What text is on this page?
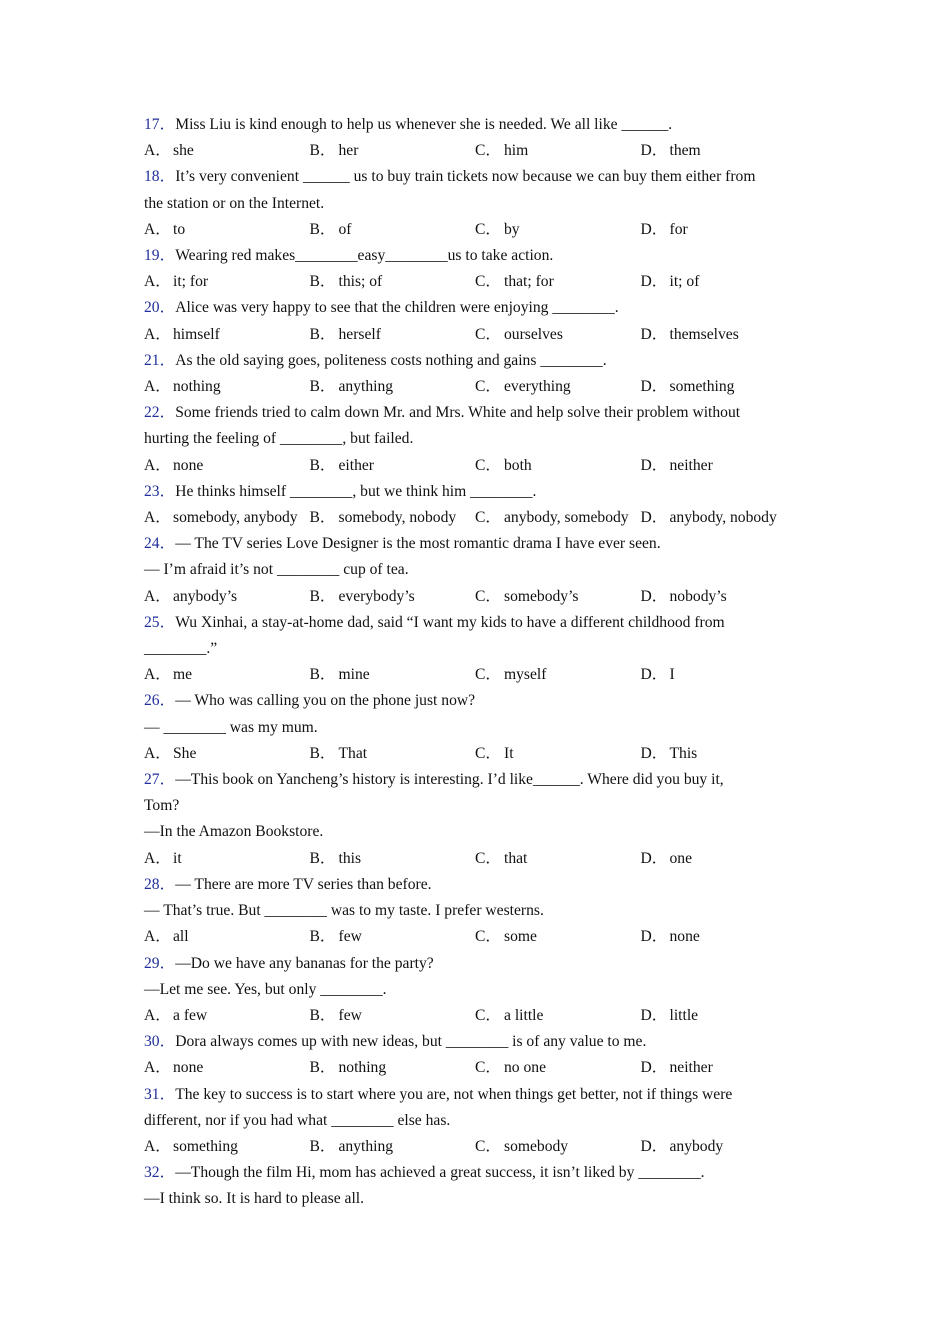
17．Miss Liu is kind enough to help us whenever she is needed. We all like ______.

A． she	B． her	C． him	D． them

18．It’s very convenient ______ us to buy train tickets now because we can buy them either from

the station or on the Internet.

A． to	B． of	C． by	D． for

19．Wearing red makes________easy________us to take action.

A． it; for	B． this; of	C． that; for	D． it; of

20．Alice was very happy to see that the children were enjoying ________.

A． himself	B． herself	C． ourselves	D． themselves

21．As the old saying goes, politeness costs nothing and gains ________.

A． nothing	B． anything	C． everything	D． something

22．Some friends tried to calm down Mr. and Mrs. White and help solve their problem without

hurting the feeling of ________, but failed.

A． none	B． either	C． both	D． neither

23．He thinks himself ________, but we think him ________.

A． somebody, anybody B． somebody, nobody	C． anybody, somebody D． anybody, nobody

24．— The TV series Love Designer is the most romantic drama I have ever seen.

— I’m afraid it’s not ________ cup of tea.

A． anybody’s	B． everybody’s	C． somebody’s	D． nobody’s

25．Wu Xinhai, a stay-at-home dad, said “I want my kids to have a different childhood from

________.”

A． me	B． mine	C． myself	D． I

26．— Who was calling you on the phone just now?

— ________ was my mum.

A． She	B． That	C． It	D． This

27．—This book on Yancheng’s history is interesting. I’d like______. Where did you buy it,

Tom?

—In the Amazon Bookstore.

A． it	B． this	C． that	D． one

28．— There are more TV series than before.

— That’s true. But ________ was to my taste. I prefer westerns.

A． all	B． few	C． some	D． none

29．—Do we have any bananas for the party?

—Let me see. Yes, but only ________.

A． a few	B． few	C． a little	D． little

30．Dora always comes up with new ideas, but ________ is of any value to me.

A． none	B． nothing	C． no one	D． neither

31．The key to success is to start where you are, not when things get better, not if things were

different, nor if you had what ________ else has.

A． something	B． anything	C． somebody	D． anybody

32．—Though the film Hi, mom has achieved a great success, it isn’t liked by ________.

—I think so. It is hard to please all.
